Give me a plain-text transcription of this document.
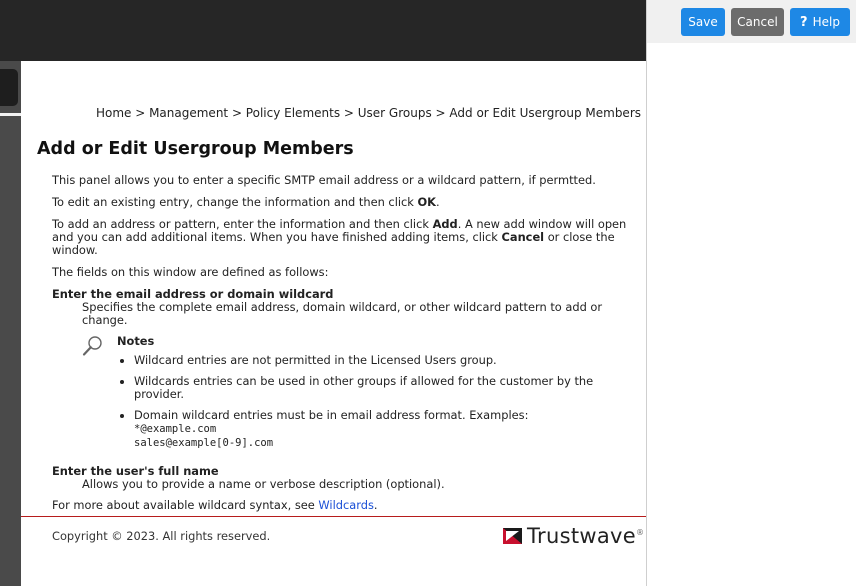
Home > Management > Policy Elements > User Groups > Add or Edit Usergroup Members
Add or Edit Usergroup Members

This panel allows you to enter a specific SMTP email address or a wildcard pattern, if permtted.

To edit an existing entry, change the information and then click OK.

To add an address or pattern, enter the information and then click Add. A new add window will open and you can add additional items. When you have finished adding items, click Cancel or close the window.

The fields on this window are defined as follows:

Enter the email address or domain wildcard
Specifies the complete email address, domain wildcard, or other wildcard pattern to add or change.
Notes
• Wildcard entries are not permitted in the Licensed Users group.
• Wildcards entries can be used in other groups if allowed for the customer by the provider.
• Domain wildcard entries must be in email address format. Examples:
*@example.com
sales@example[0-9].com
Enter the user's full name
Allows you to provide a name or verbose description (optional).

For more about available wildcard syntax, see Wildcards.

Copyright © 2023. All rights reserved.	Trustwave ®
Save	Cancel	? Help
